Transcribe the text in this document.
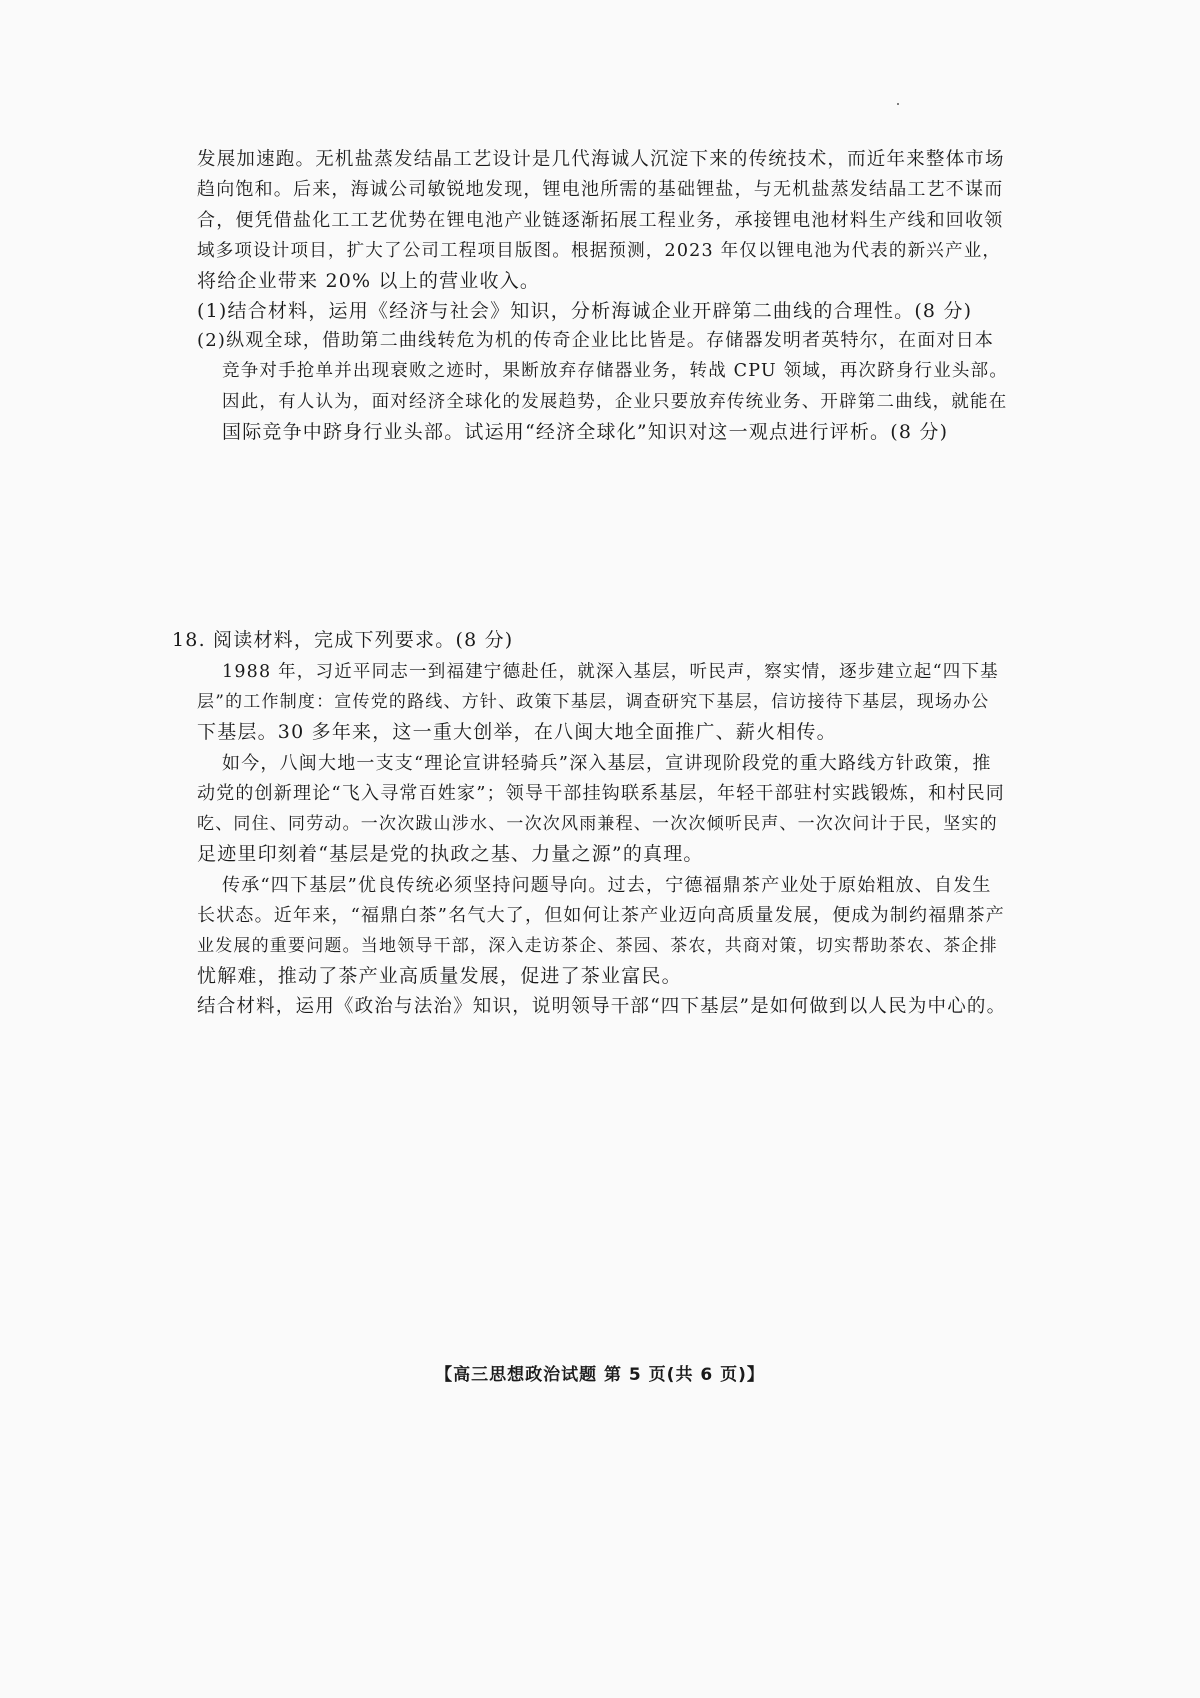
发展加速跑。无机盐蒸发结晶工艺设计是几代海诚人沉淀下来的传统技术，而近年来整体市场
趋向饱和。后来，海诚公司敏锐地发现，锂电池所需的基础锂盐，与无机盐蒸发结晶工艺不谋而
合，便凭借盐化工工艺优势在锂电池产业链逐渐拓展工程业务，承接锂电池材料生产线和回收领
域多项设计项目，扩大了公司工程项目版图。根据预测，2023 年仅以锂电池为代表的新兴产业，
将给企业带来 20% 以上的营业收入。
(1)结合材料，运用《经济与社会》知识，分析海诚企业开辟第二曲线的合理性。(8 分)
(2)纵观全球，借助第二曲线转危为机的传奇企业比比皆是。存储器发明者英特尔，在面对日本
竞争对手抢单并出现衰败之迹时，果断放弃存储器业务，转战 CPU 领域，再次跻身行业头部。
因此，有人认为，面对经济全球化的发展趋势，企业只要放弃传统业务、开辟第二曲线，就能在
国际竞争中跻身行业头部。试运用“经济全球化”知识对这一观点进行评析。(8 分)
18. 阅读材料，完成下列要求。(8 分)
1988 年，习近平同志一到福建宁德赴任，就深入基层，听民声，察实情，逐步建立起“四下基
层”的工作制度：宣传党的路线、方针、政策下基层，调查研究下基层，信访接待下基层，现场办公
下基层。30 多年来，这一重大创举，在八闽大地全面推广、薪火相传。
如今，八闽大地一支支“理论宣讲轻骑兵”深入基层，宣讲现阶段党的重大路线方针政策，推
动党的创新理论“飞入寻常百姓家”；领导干部挂钩联系基层，年轻干部驻村实践锻炼，和村民同
吃、同住、同劳动。一次次跋山涉水、一次次风雨兼程、一次次倾听民声、一次次问计于民，坚实的
足迹里印刻着“基层是党的执政之基、力量之源”的真理。
传承“四下基层”优良传统必须坚持问题导向。过去，宁德福鼎茶产业处于原始粗放、自发生
长状态。近年来，“福鼎白茶”名气大了，但如何让茶产业迈向高质量发展，便成为制约福鼎茶产
业发展的重要问题。当地领导干部，深入走访茶企、茶园、茶农，共商对策，切实帮助茶农、茶企排
忧解难，推动了茶产业高质量发展，促进了茶业富民。
结合材料，运用《政治与法治》知识，说明领导干部“四下基层”是如何做到以人民为中心的。
【高三思想政治试题 第 5 页(共 6 页)】
